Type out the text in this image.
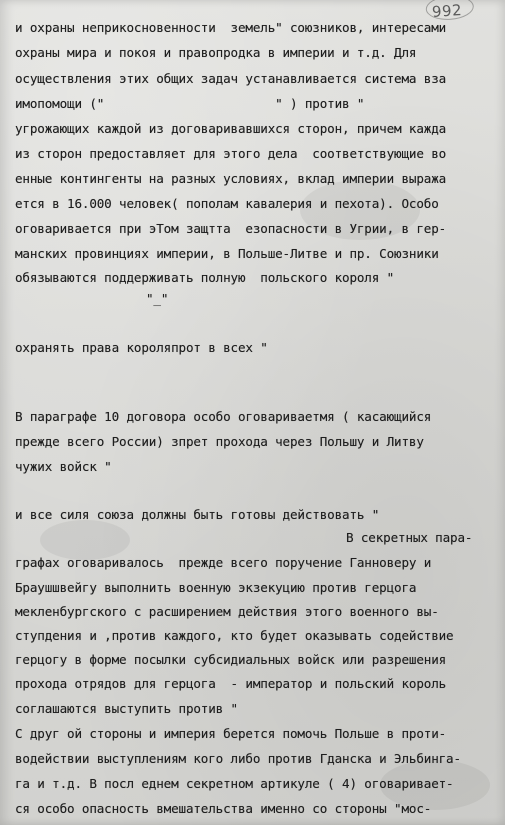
992

и охраны неприкосновенности  земель" союзников, интересами

охраны мира и покоя и правопродка в империи и т.д. Для

осуществления этих общих задач устанавливается система вза

имопомощи ("                       " ) против "

угрожающих каждой из договаривавшихся сторон, причем кажда

из сторон предоставляет для этого дела  соответствующие во

енные контингенты на разных условиях, вклад империи выража

ется в 16.000 человек( пополам кавалерия и пехота). Особо

оговаривается при эТом защтта  езопасности в Угрии, в гер-

манских провинциях империи, в Польше-Литве и пр. Союзники

обязываются поддерживать полную  польского короля "

"_"

охранять права короляпрот в всех "

В параграфе 10 договора особо оговариваетмя ( касающийся

прежде всего России) зпрет прохода через Польшу и Литву

чужих войск "

и все силя союза должны быть готовы действовать "

В секретных пара-

графах оговаривалось  прежде всего поручение Ганноверу и

Браушшвейгу выполнить военную экзекуцию против герцога

мекленбургского с расширением действия этого военного вы-

ступдения и ,против каждого, кто будет оказывать содействие

герцогу в форме посылки субсидиальных войск или разрешения

прохода отрядов для герцога  - император и польский король

соглашаются выступить против "

С друг ой стороны и империя берется помочь Польше в проти-

водействии выступлениям кого либо против Гданска и Эльбинга-

га и т.д. В посл еднем секретном артикуле ( 4) оговаривает-

ся особо опасность вмешательства именно со стороны "мос-
